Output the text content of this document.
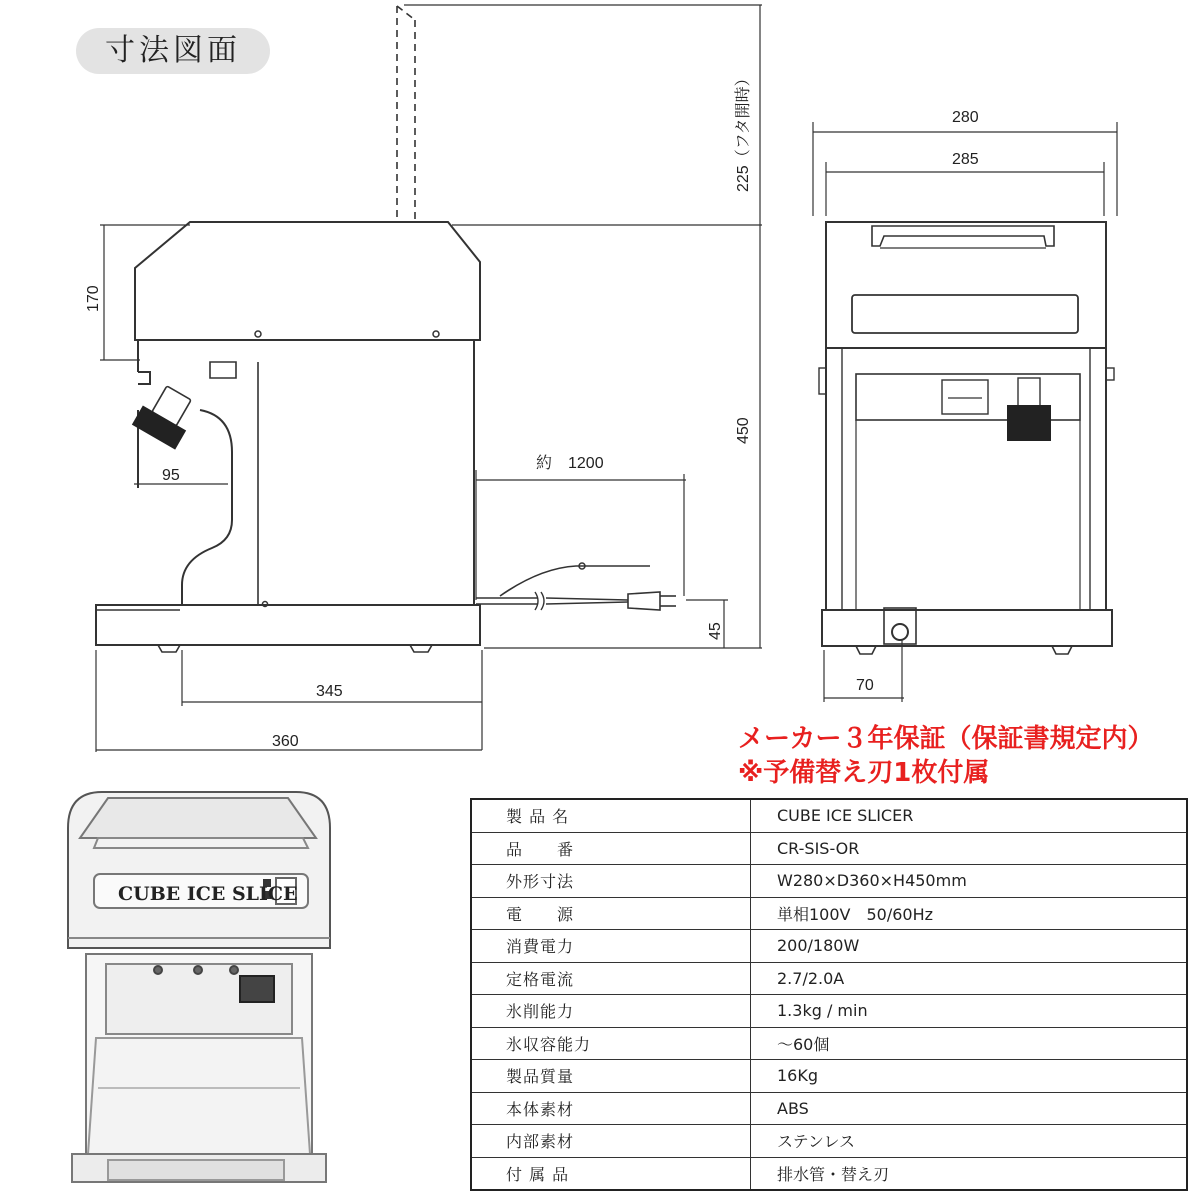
寸法図面
225（フタ開時）
170
450
95
約　1200
45
345
360
280
285
70
CUBE ICE SLICE
メーカー３年保証（保証書規定内）
※予備替え刃1枚付属
製 品 名	CUBE ICE SLICER
品　　番	CR-SIS-OR
外形寸法	W280×D360×H450mm
電　　源	単相100V　50/60Hz
消費電力	200/180W
定格電流	2.7/2.0A
氷削能力	1.3kg / min
氷収容能力	～60個
製品質量	16Kg
本体素材	ABS
内部素材	ステンレス
付 属 品	排水管・替え刃
